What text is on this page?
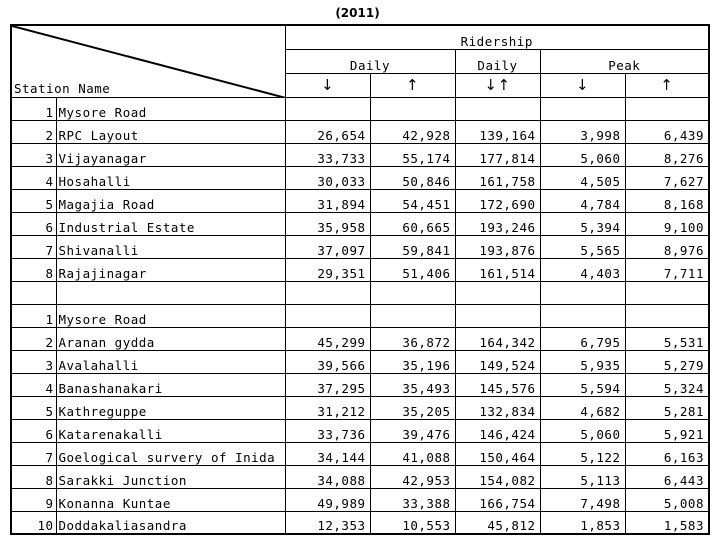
(2011)
Station Name		Ridership				
		Daily		Daily	Peak	
		↓	↑	↓↑	↓	↑
1	Mysore Road					
2	RPC Layout	26,654	42,928	139,164	3,998	6,439
3	Vijayanagar	33,733	55,174	177,814	5,060	8,276
4	Hosahalli	30,033	50,846	161,758	4,505	7,627
5	Magajia Road	31,894	54,451	172,690	4,784	8,168
6	Industrial Estate	35,958	60,665	193,246	5,394	9,100
7	Shivanalli	37,097	59,841	193,876	5,565	8,976
8	Rajajinagar	29,351	51,406	161,514	4,403	7,711

1	Mysore Road					
2	Aranan gydda	45,299	36,872	164,342	6,795	5,531
3	Avalahalli	39,566	35,196	149,524	5,935	5,279
4	Banashanakari	37,295	35,493	145,576	5,594	5,324
5	Kathreguppe	31,212	35,205	132,834	4,682	5,281
6	Katarenakalli	33,736	39,476	146,424	5,060	5,921
7	Goelogical survery of Inida	34,144	41,088	150,464	5,122	6,163
8	Sarakki Junction	34,088	42,953	154,082	5,113	6,443
9	Konanna Kuntae	49,989	33,388	166,754	7,498	5,008
10	Doddakaliasandra	12,353	10,553	45,812	1,853	1,583
